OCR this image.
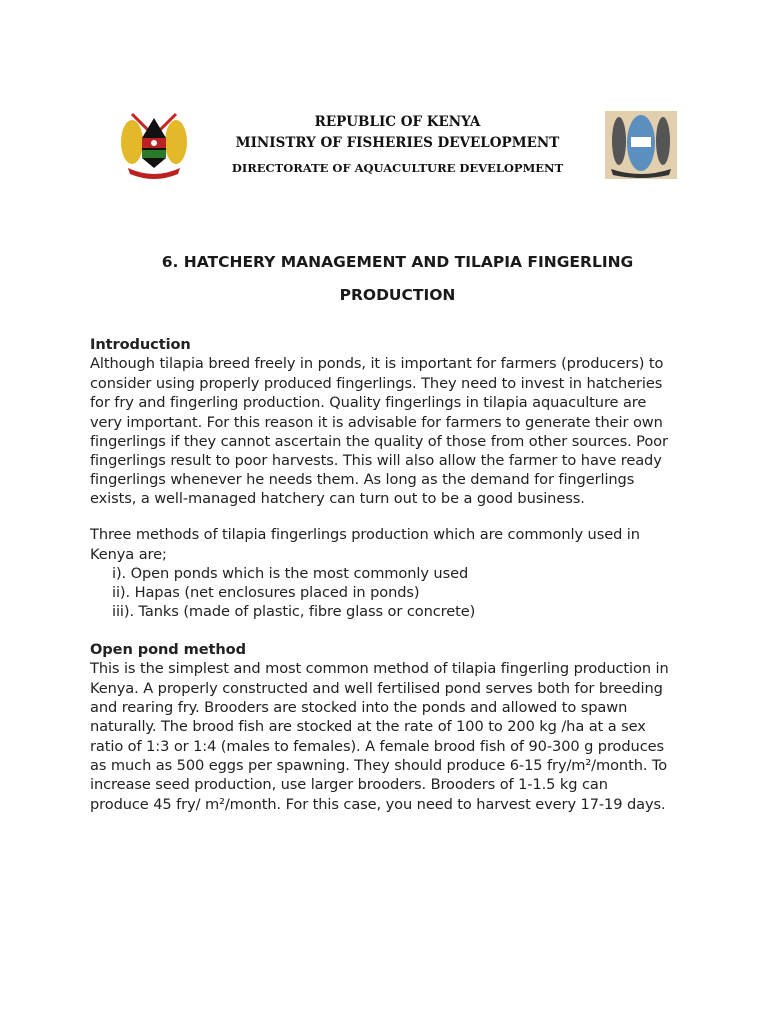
REPUBLIC OF KENYA
MINISTRY OF FISHERIES DEVELOPMENT
DIRECTORATE OF AQUACULTURE DEVELOPMENT
6. HATCHERY MANAGEMENT AND TILAPIA FINGERLING
PRODUCTION
Introduction
Although tilapia breed freely in ponds, it is important for farmers (producers) to
consider using properly produced fingerlings. They need to invest in hatcheries
for fry and fingerling production. Quality fingerlings in tilapia aquaculture are
very important. For this reason it is advisable for farmers to generate their own
fingerlings if they cannot ascertain the quality of those from other sources. Poor
fingerlings result to poor harvests. This will also allow the farmer to have ready
fingerlings whenever he needs them. As long as the demand for fingerlings
exists, a well-managed hatchery can turn out to be a good business.
Three methods of tilapia fingerlings production which are commonly used in
Kenya are;
i). Open ponds which is the most commonly used
ii). Hapas (net enclosures placed in ponds)
iii). Tanks (made of plastic, fibre glass or concrete)
Open pond method
This is the simplest and most common method of tilapia fingerling production in
Kenya. A properly constructed and well fertilised pond serves both for breeding
and rearing fry. Brooders are stocked into the ponds and allowed to spawn
naturally. The brood fish are stocked at the rate of 100 to 200 kg /ha at a sex
ratio of 1:3 or 1:4 (males to females). A female brood fish of 90-300 g produces
as much as 500 eggs per spawning. They should produce 6-15 fry/m²/month. To
increase seed production, use larger brooders. Brooders of 1-1.5 kg can
produce 45 fry/ m²/month. For this case, you need to harvest every 17-19 days.
